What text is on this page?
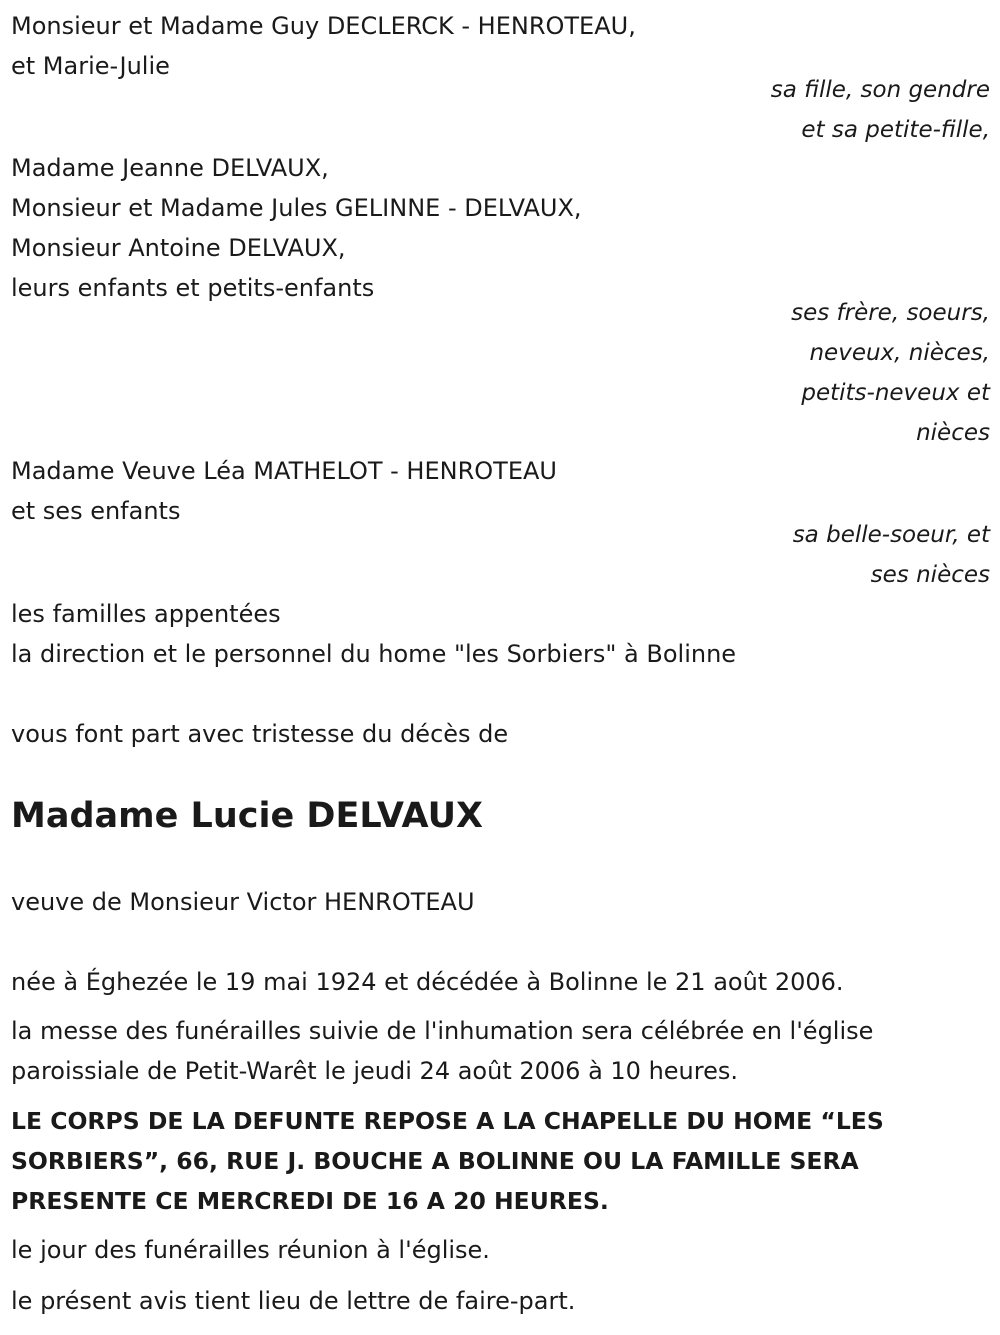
Monsieur et Madame Guy DECLERCK - HENROTEAU,
et Marie-Julie
sa fille, son gendre
et sa petite-fille,
Madame Jeanne DELVAUX,
Monsieur et Madame Jules GELINNE - DELVAUX,
Monsieur Antoine DELVAUX,
leurs enfants et petits-enfants
ses frère, soeurs,
neveux, nièces,
petits-neveux et
nièces
Madame Veuve Léa MATHELOT - HENROTEAU
et ses enfants
sa belle-soeur, et
ses nièces
les familles appentées
la direction et le personnel du home "les Sorbiers" à Bolinne
vous font part avec tristesse du décès de
Madame Lucie DELVAUX
veuve de Monsieur Victor HENROTEAU
née à Éghezée le 19 mai 1924 et décédée à Bolinne le 21 août 2006.
la messe des funérailles suivie de l'inhumation sera célébrée en l'église
paroissiale de Petit-Warêt le jeudi 24 août 2006 à 10 heures.
LE CORPS DE LA DEFUNTE REPOSE A LA CHAPELLE DU HOME “LES
SORBIERS”, 66, RUE J. BOUCHE A BOLINNE OU LA FAMILLE SERA
PRESENTE CE MERCREDI DE 16 A 20 HEURES.
le jour des funérailles réunion à l'église.
le présent avis tient lieu de lettre de faire-part.
